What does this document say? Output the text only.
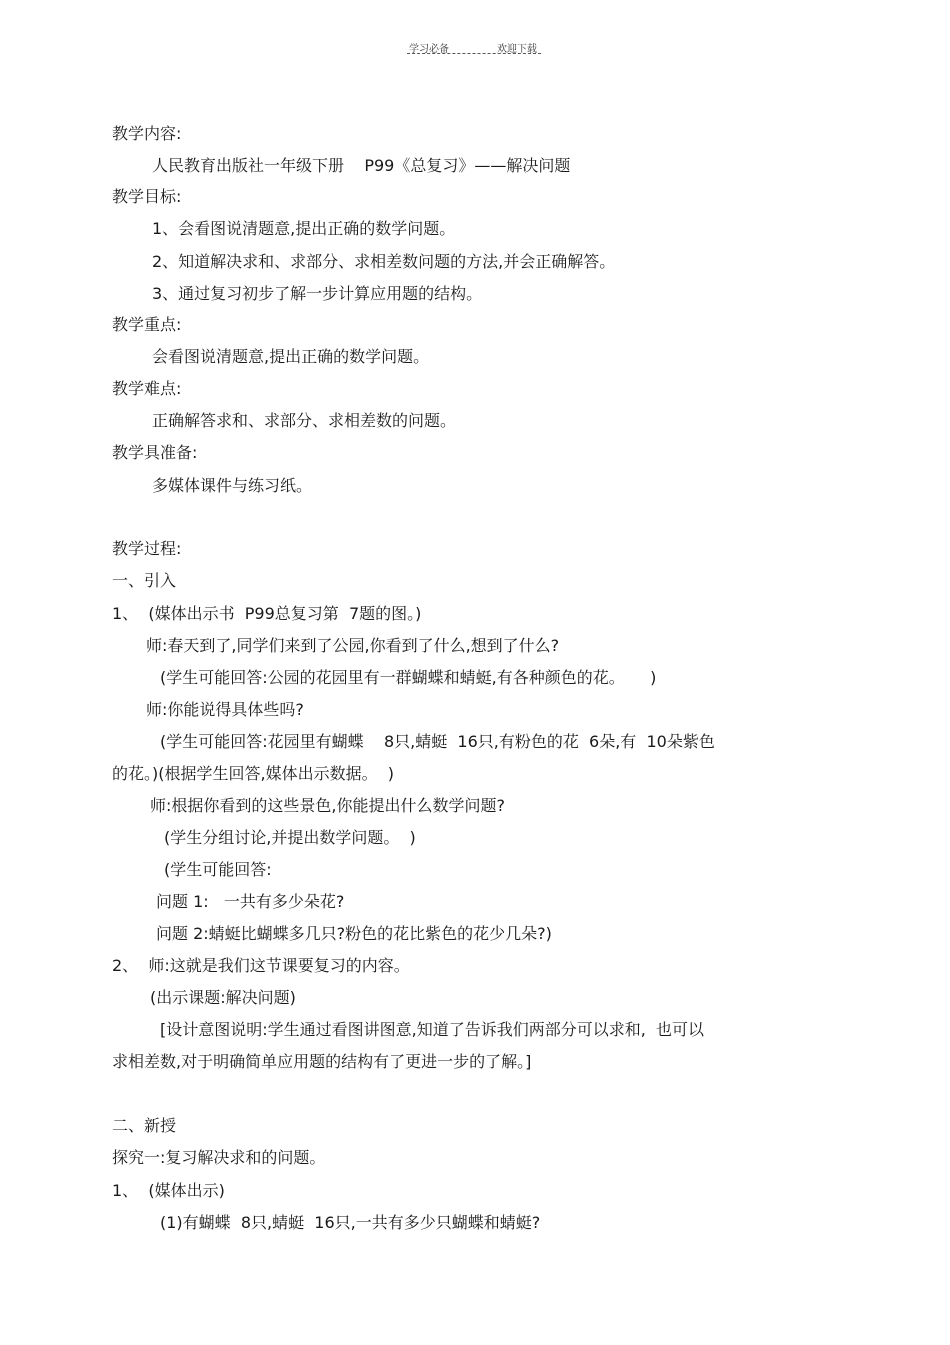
学习必备	欢迎下载
教学内容:
人民教育出版社一年级下册    P99《总复习》——解决问题
教学目标:
1、会看图说清题意,提出正确的数学问题。
2、知道解决求和、求部分、求相差数问题的方法,并会正确解答。
3、通过复习初步了解一步计算应用题的结构。
教学重点:
会看图说清题意,提出正确的数学问题。
教学难点:
正确解答求和、求部分、求相差数的问题。
教学具准备:
多媒体课件与练习纸。
教学过程:
一、引入
1、  (媒体出示书  P99总复习第  7题的图。)
师:春天到了,同学们来到了公园,你看到了什么,想到了什么?
(学生可能回答:公园的花园里有一群蝴蝶和蜻蜓,有各种颜色的花。     )
师:你能说得具体些吗?
(学生可能回答:花园里有蝴蝶    8只,蜻蜓  16只,有粉色的花  6朵,有  10朵紫色
的花。)(根据学生回答,媒体出示数据。  )
师:根据你看到的这些景色,你能提出什么数学问题?
(学生分组讨论,并提出数学问题。  )
(学生可能回答:
问题 1:   一共有多少朵花?
问题 2:蜻蜓比蝴蝶多几只?粉色的花比紫色的花少几朵?)
2、  师:这就是我们这节课要复习的内容。
(出示课题:解决问题)
[设计意图说明:学生通过看图讲图意,知道了告诉我们两部分可以求和,  也可以
求相差数,对于明确简单应用题的结构有了更进一步的了解。]
二、新授
探究一:复习解决求和的问题。
1、  (媒体出示)
(1)有蝴蝶  8只,蜻蜓  16只,一共有多少只蝴蝶和蜻蜓?
